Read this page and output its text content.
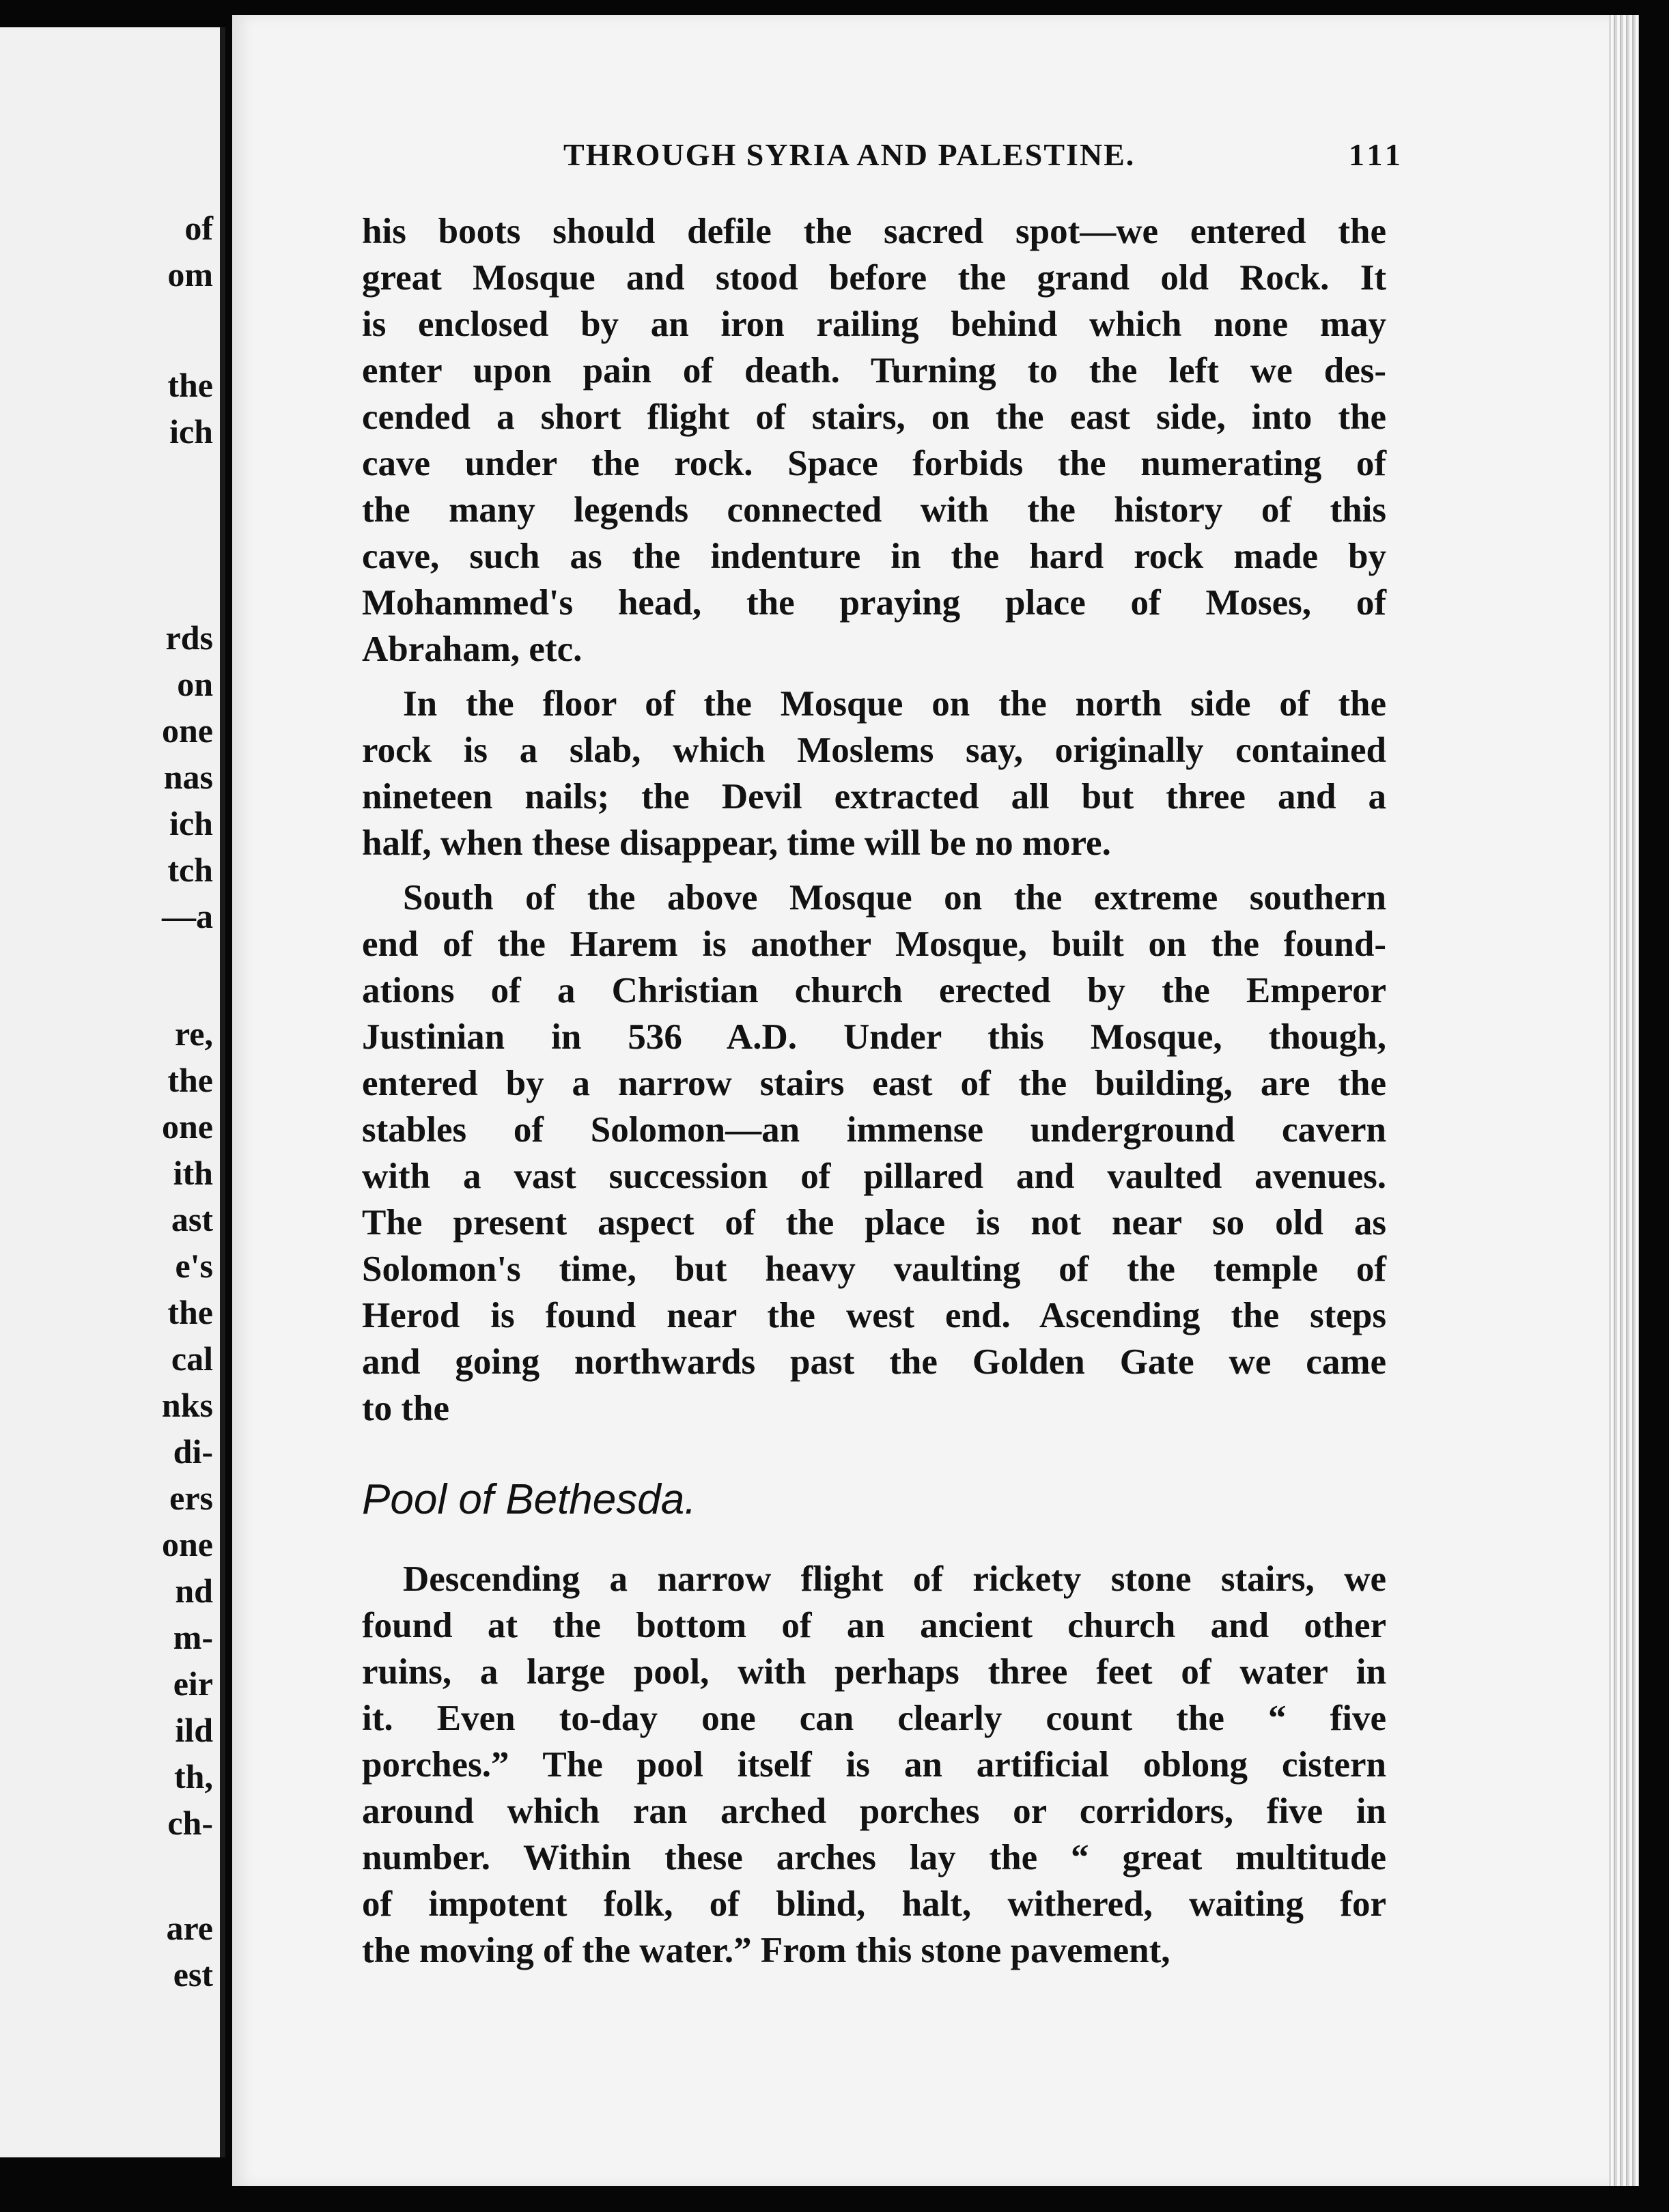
of
om
the
ich
rds
on
one
nas
ich
tch
—a
re,
the
one
ith
ast
e's
the
cal
nks
di-
ers
one
nd
m-
eir
ild
th,
ch-
are
est
THROUGH SYRIA AND PALESTINE.	111
his boots should defile the sacred spot—we entered the
great Mosque and stood before the grand old Rock. It
is enclosed by an iron railing behind which none may
enter upon pain of death. Turning to the left we des-
cended a short flight of stairs, on the east side, into the
cave under the rock. Space forbids the numerating of
the many legends connected with the history of this
cave, such as the indenture in the hard rock made by
Mohammed's head, the praying place of Moses, of
Abraham, etc.
In the floor of the Mosque on the north side of the
rock is a slab, which Moslems say, originally contained
nineteen nails; the Devil extracted all but three and a
half, when these disappear, time will be no more.
South of the above Mosque on the extreme southern
end of the Harem is another Mosque, built on the found-
ations of a Christian church erected by the Emperor
Justinian in 536 A.D. Under this Mosque, though,
entered by a narrow stairs east of the building, are the
stables of Solomon—an immense underground cavern
with a vast succession of pillared and vaulted avenues.
The present aspect of the place is not near so old as
Solomon's time, but heavy vaulting of the temple of
Herod is found near the west end. Ascending the steps
and going northwards past the Golden Gate we came
to the
Pool of Bethesda.
Descending a narrow flight of rickety stone stairs, we
found at the bottom of an ancient church and other
ruins, a large pool, with perhaps three feet of water in
it. Even to-day one can clearly count the “ five
porches.” The pool itself is an artificial oblong cistern
around which ran arched porches or corridors, five in
number. Within these arches lay the “ great multitude
of impotent folk, of blind, halt, withered, waiting for
the moving of the water.” From this stone pavement,
